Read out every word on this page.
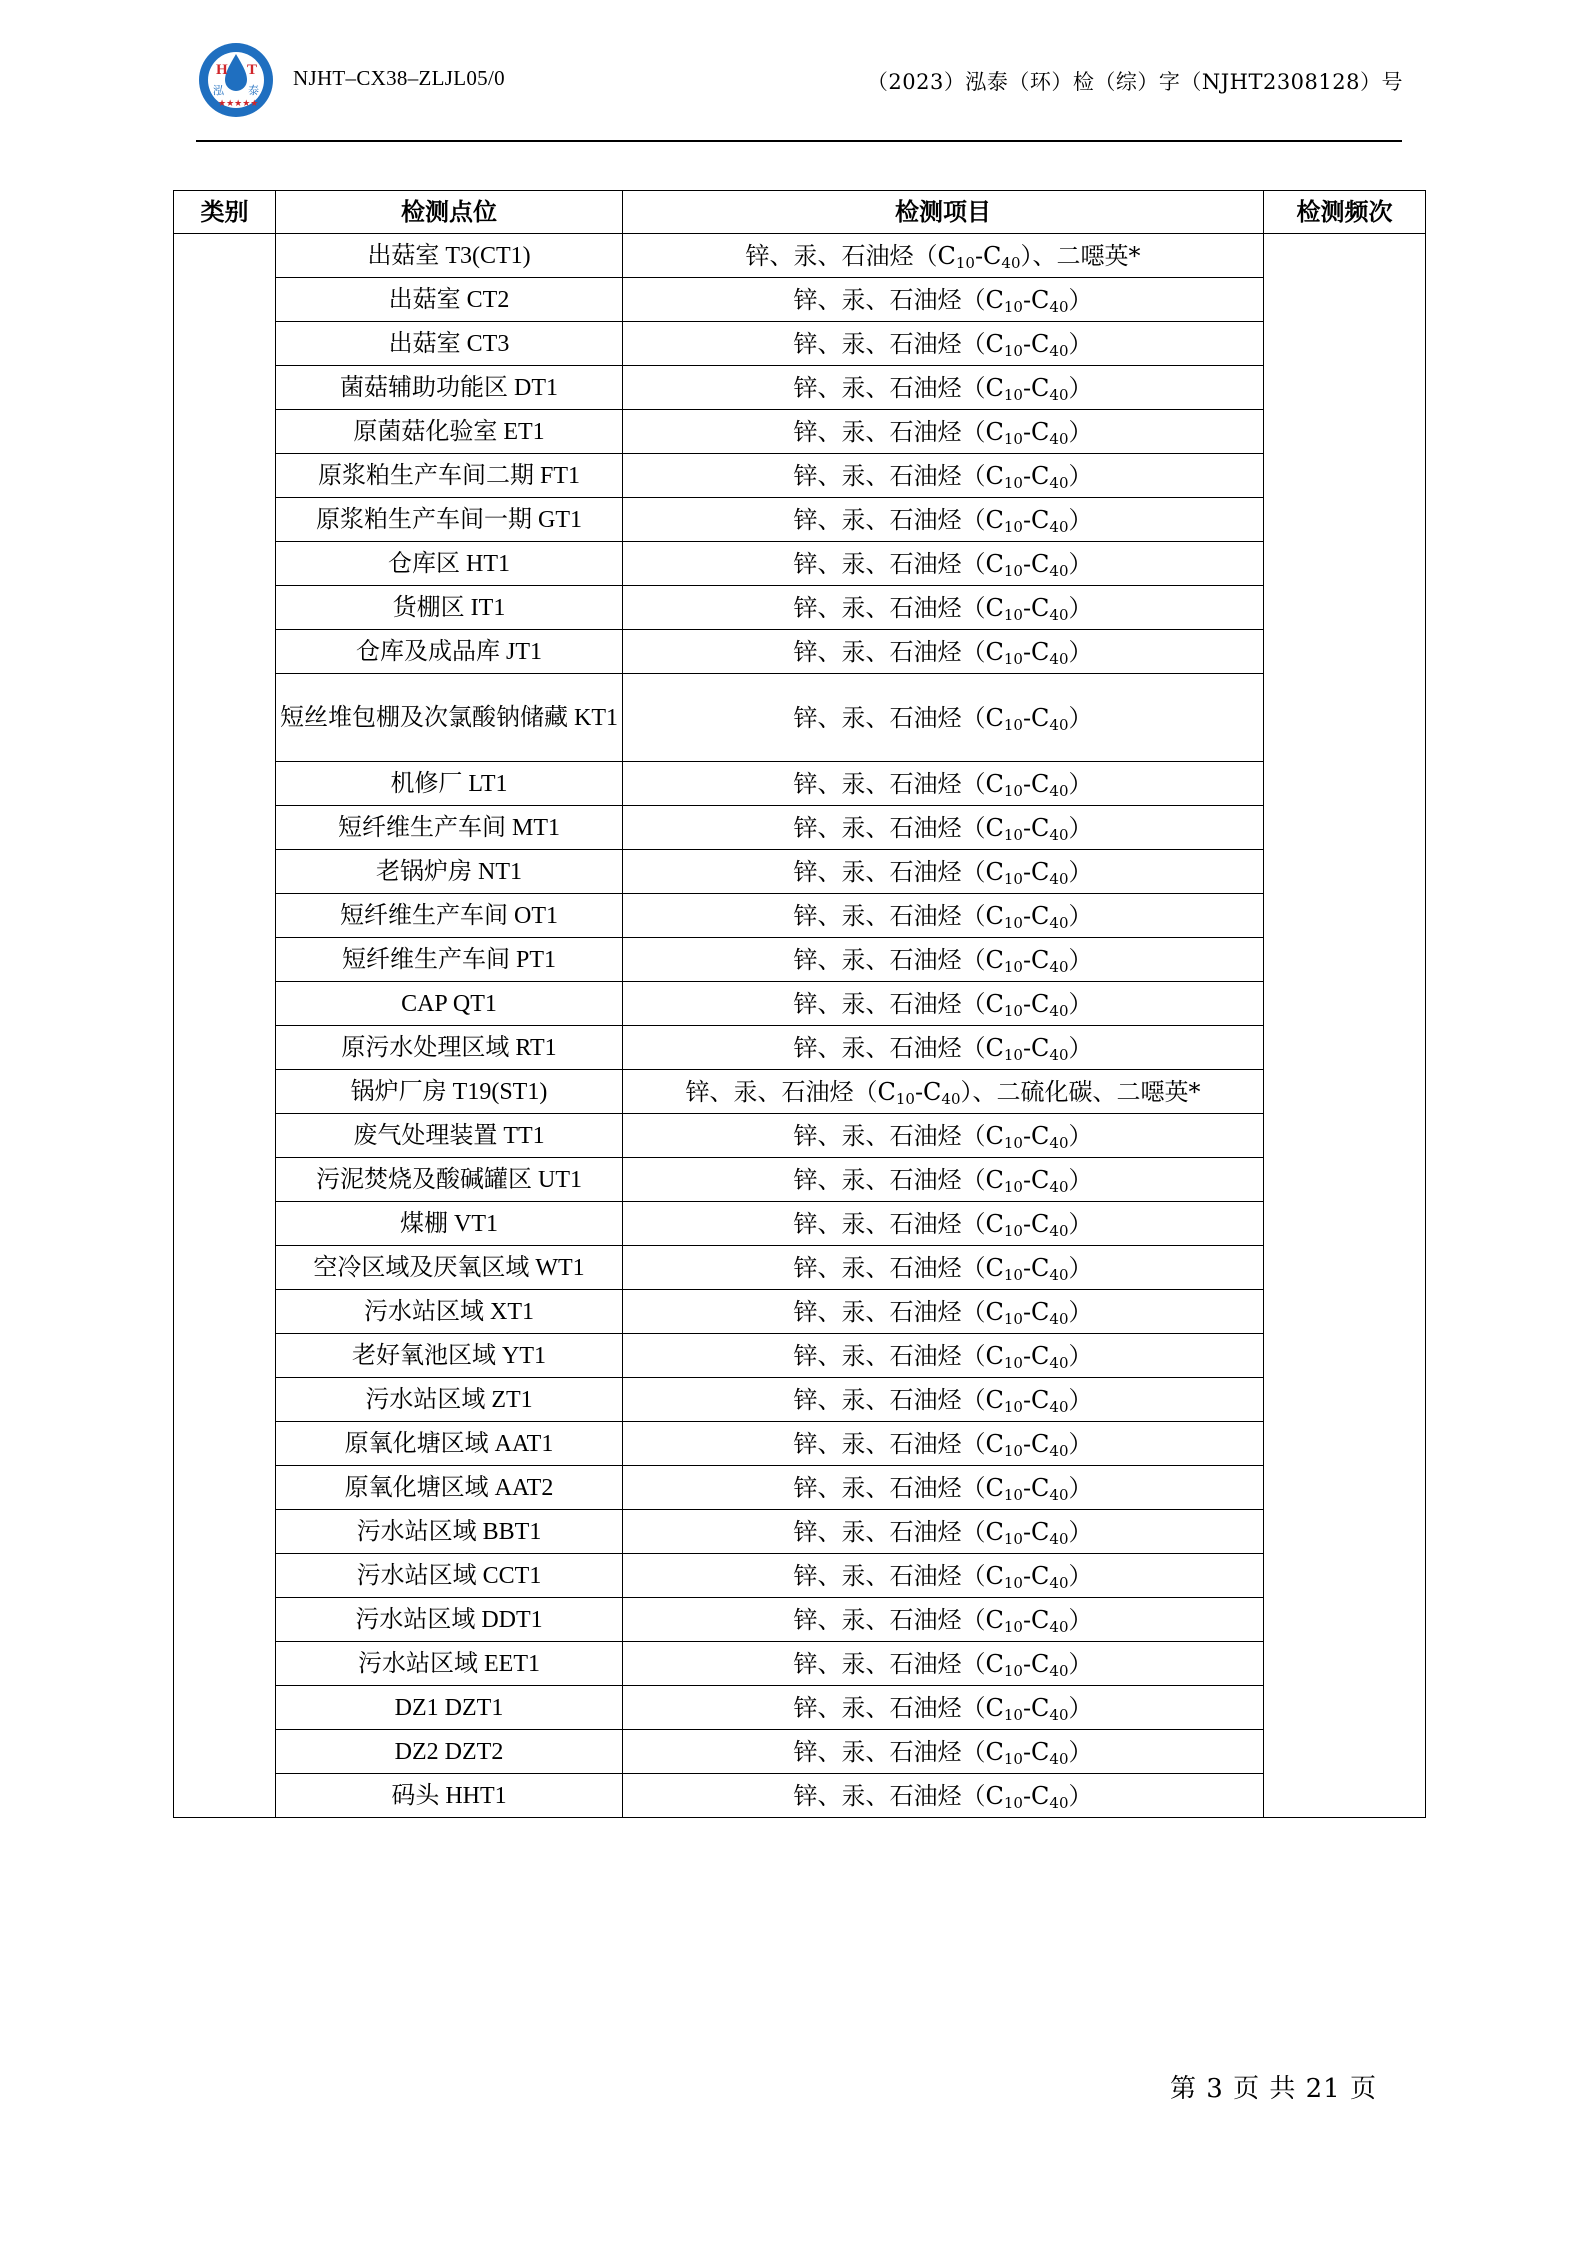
H T
泓 泰
★★★★★
NJHT–CX38–ZLJL05/0	（2023）泓泰（环）检（综）字（NJHT2308128）号
类别	检测点位	检测项目	检测频次
	出菇室 T3(CT1)	锌、汞、石油烃$(C_{10}-C_{40})$、二噁英*	
	出菇室 CT2	锌、汞、石油烃$(C_{10}-C_{40})$	
	出菇室 CT3	锌、汞、石油烃$(C_{10}-C_{40})$	
	菌菇辅助功能区 DT1	锌、汞、石油烃$(C_{10}-C_{40})$	
	原菌菇化验室 ET1	锌、汞、石油烃$(C_{10}-C_{40})$	
	原浆粕生产车间二期 FT1	锌、汞、石油烃$(C_{10}-C_{40})$	
	原浆粕生产车间一期 GT1	锌、汞、石油烃$(C_{10}-C_{40})$	
	仓库区 HT1	锌、汞、石油烃$(C_{10}-C_{40})$	
	货棚区 IT1	锌、汞、石油烃$(C_{10}-C_{40})$	
	仓库及成品库 JT1	锌、汞、石油烃$(C_{10}-C_{40})$	
	短丝堆包棚及次氯酸钠储藏 KT1	锌、汞、石油烃$(C_{10}-C_{40})$	
	机修厂 LT1	锌、汞、石油烃$(C_{10}-C_{40})$	
	短纤维生产车间 MT1	锌、汞、石油烃$(C_{10}-C_{40})$	
	老锅炉房 NT1	锌、汞、石油烃$(C_{10}-C_{40})$	
	短纤维生产车间 OT1	锌、汞、石油烃$(C_{10}-C_{40})$	
	短纤维生产车间 PT1	锌、汞、石油烃$(C_{10}-C_{40})$	
	CAP QT1	锌、汞、石油烃$(C_{10}-C_{40})$	
	原污水处理区域 RT1	锌、汞、石油烃$(C_{10}-C_{40})$	
	锅炉厂房 T19(ST1)	锌、汞、石油烃$(C_{10}-C_{40})$、二硫化碳、二噁英*	
	废气处理装置 TT1	锌、汞、石油烃$(C_{10}-C_{40})$	
	污泥焚烧及酸碱罐区 UT1	锌、汞、石油烃$(C_{10}-C_{40})$	
	煤棚 VT1	锌、汞、石油烃$(C_{10}-C_{40})$	
	空冷区域及厌氧区域 WT1	锌、汞、石油烃$(C_{10}-C_{40})$	
	污水站区域 XT1	锌、汞、石油烃$(C_{10}-C_{40})$	
	老好氧池区域 YT1	锌、汞、石油烃$(C_{10}-C_{40})$	
	污水站区域 ZT1	锌、汞、石油烃$(C_{10}-C_{40})$	
	原氧化塘区域 AAT1	锌、汞、石油烃$(C_{10}-C_{40})$	
	原氧化塘区域 AAT2	锌、汞、石油烃$(C_{10}-C_{40})$	
	污水站区域 BBT1	锌、汞、石油烃$(C_{10}-C_{40})$	
	污水站区域 CCT1	锌、汞、石油烃$(C_{10}-C_{40})$	
	污水站区域 DDT1	锌、汞、石油烃$(C_{10}-C_{40})$	
	污水站区域 EET1	锌、汞、石油烃$(C_{10}-C_{40})$	
	DZ1 DZT1	锌、汞、石油烃$(C_{10}-C_{40})$	
	DZ2 DZT2	锌、汞、石油烃$(C_{10}-C_{40})$	
	码头 HHT1	锌、汞、石油烃$(C_{10}-C_{40})$	
第 3 页 共 21 页
